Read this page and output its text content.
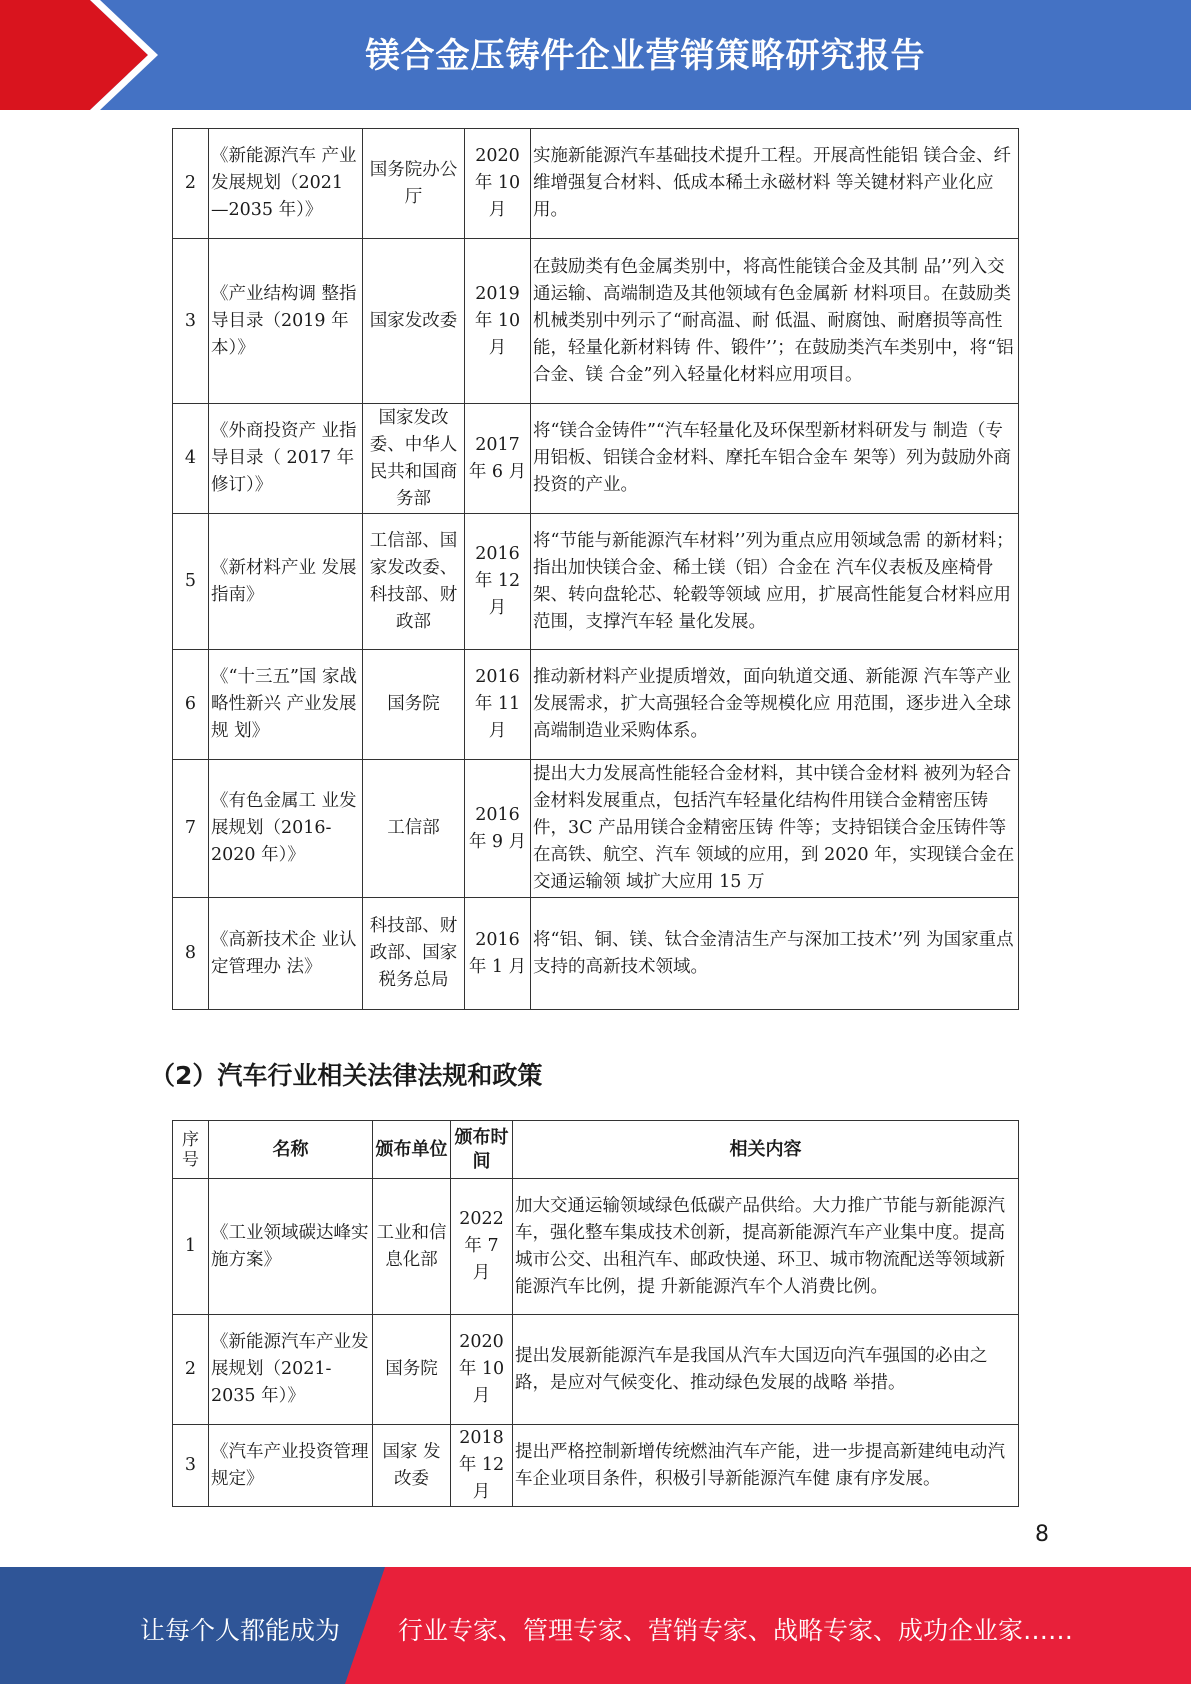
镁合金压铸件企业营销策略研究报告
2	《新能源汽车 产业发展规划（2021—2035 年）》	国务院办公厅	2020 年 10 月	实施新能源汽车基础技术提升工程。开展高性能铝 镁合金、纤维增强复合材料、低成本稀土永磁材料 等关键材料产业化应用。
3	《产业结构调 整指导目录（2019 年本）》	国家发改委	2019 年 10 月	在鼓励类有色金属类别中，将高性能镁合金及其制 品’’列入交通运输、高端制造及其他领域有色金属新 材料项目。在鼓励类机械类别中列示了“耐高温、耐 低温、耐腐蚀、耐磨损等高性能，轻量化新材料铸 件、锻件’’；在鼓励类汽车类别中，将“铝合金、镁 合金”列入轻量化材料应用项目。
4	《外商投资产 业指导目录（ 2017 年 修订）》	国家发改委、中华人民共和国商务部	2017 年 6 月	将“镁合金铸件”“汽车轻量化及环保型新材料研发与 制造（专用铝板、铝镁合金材料、摩托车铝合金车 架等）列为鼓励外商投资的产业。
5	《新材料产业 发展指南》	工信部、国家发改委、科技部、财政部	2016 年 12 月	将“节能与新能源汽车材料’’列为重点应用领域急需 的新材料；指出加快镁合金、稀土镁（铝）合金在 汽车仪表板及座椅骨架、转向盘轮芯、轮毂等领域 应用，扩展高性能复合材料应用范围，支撑汽车轻 量化发展。
6	《“十三五”国 家战略性新兴 产业发展规 划》	国务院	2016 年 11 月	推动新材料产业提质增效，面向轨道交通、新能源 汽车等产业发展需求，扩大高强轻合金等规模化应 用范围，逐步进入全球高端制造业采购体系。
7	《有色金属工 业发展规划（2016-2020 年）》	工信部	2016 年 9 月	提出大力发展高性能轻合金材料，其中镁合金材料 被列为轻合金材料发展重点，包括汽车轻量化结构件用镁合金精密压铸件，3C 产品用镁合金精密压铸 件等；支持铝镁合金压铸件等在高铁、航空、汽车 领域的应用，到 2020 年，实现镁合金在交通运输领 域扩大应用 15 万
8	《高新技术企 业认定管理办 法》	科技部、财政部、国家税务总局	2016 年 1 月	将“铝、铜、镁、钛合金清洁生产与深加工技术’’列 为国家重点支持的高新技术领域。
（2）汽车行业相关法律法规和政策
序号	名称	颁布单位	颁布时间	相关内容
1	《工业领域碳达峰实施方案》	工业和信息化部	2022 年 7 月	加大交通运输领域绿色低碳产品供给。大力推广节能与新能源汽车，强化整车集成技术创新，提高新能源汽车产业集中度。提高城市公交、出租汽车、邮政快递、环卫、城市物流配送等领域新能源汽车比例，提 升新能源汽车个人消费比例。
2	《新能源汽车产业发展规划（2021-2035 年）》	国务院	2020 年 10 月	提出发展新能源汽车是我国从汽车大国迈向汽车强国的必由之路，是应对气候变化、推动绿色发展的战略 举措。
3	《汽车产业投资管理规定》	国家 发改委	2018 年 12 月	提出严格控制新增传统燃油汽车产能，进一步提高新建纯电动汽车企业项目条件，积极引导新能源汽车健 康有序发展。
8
让每个人都能成为 行业专家、管理专家、营销专家、战略专家、成功企业家……
